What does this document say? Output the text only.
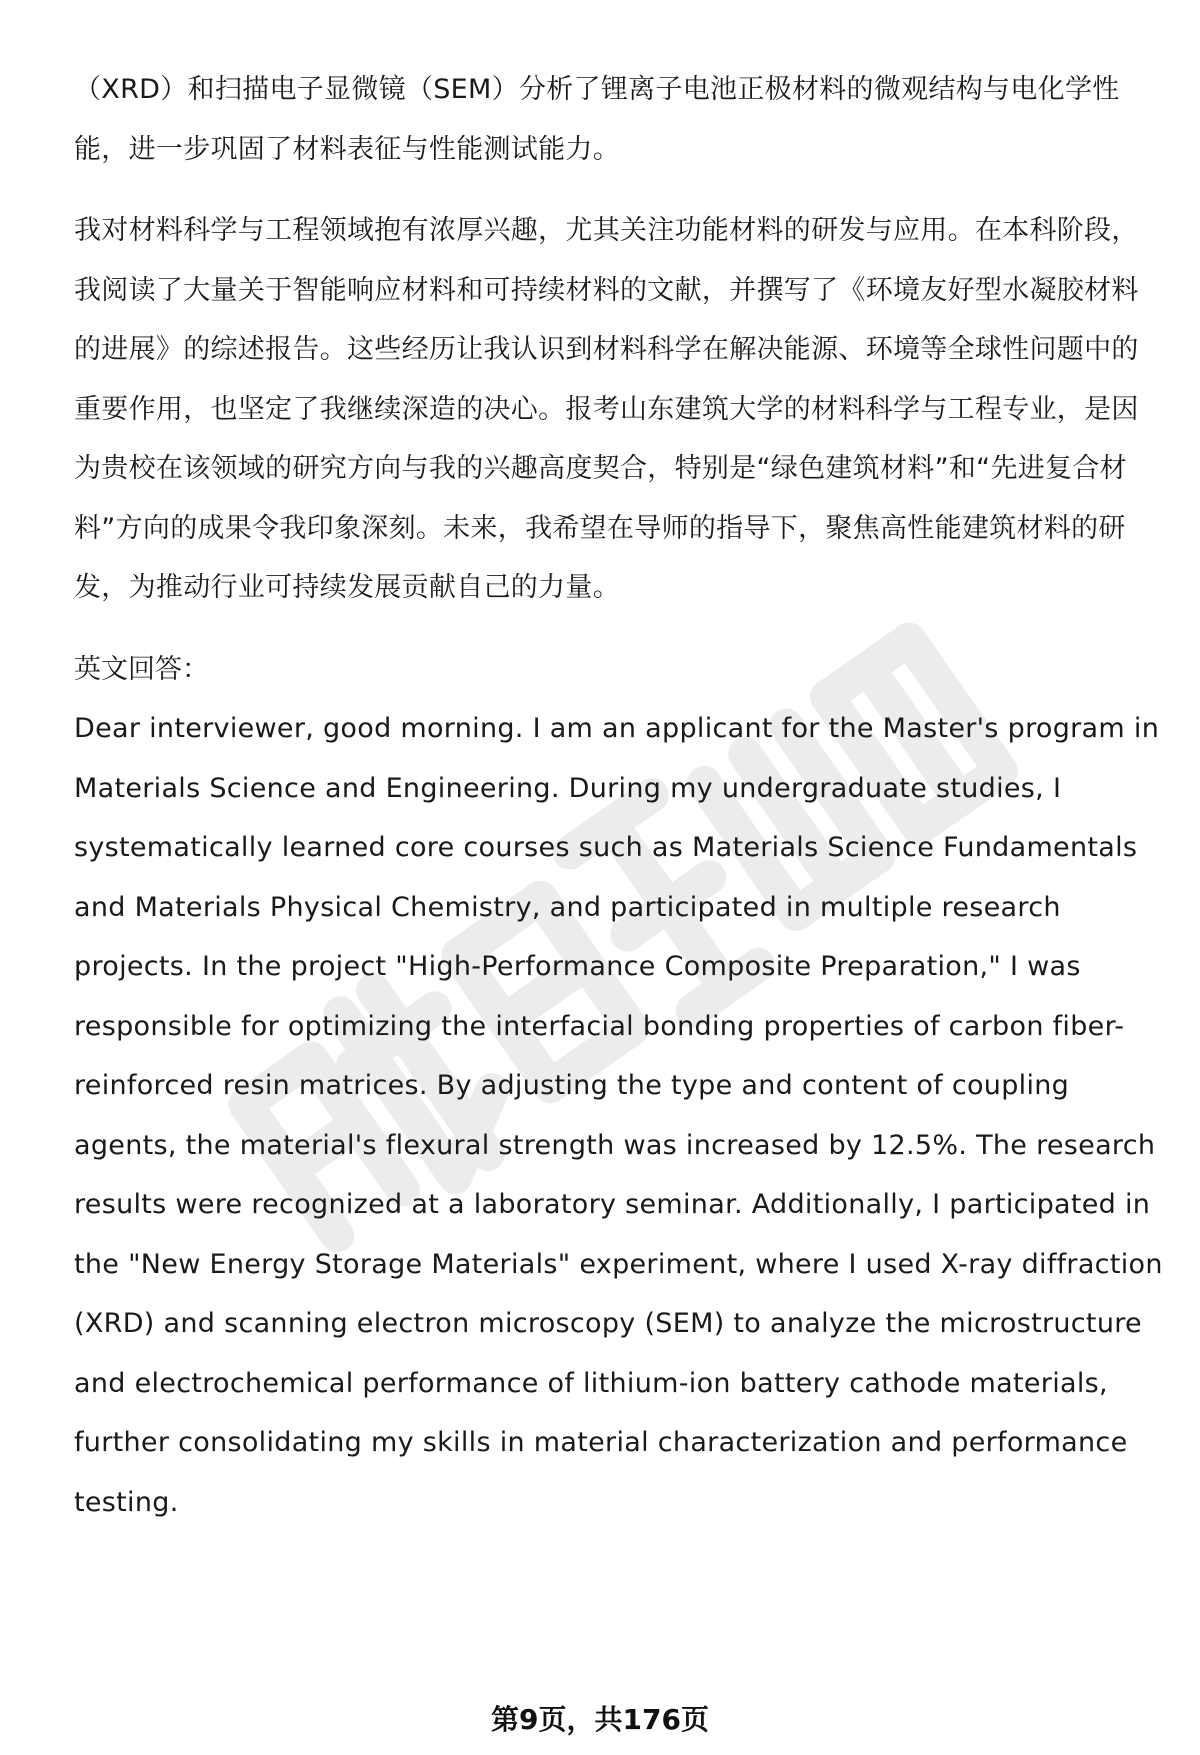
（XRD）和扫描电子显微镜（SEM）分析了锂离子电池正极材料的微观结构与电化学性能，进一步巩固了材料表征与性能测试能力。

我对材料科学与工程领域抱有浓厚兴趣，尤其关注功能材料的研发与应用。在本科阶段，我阅读了大量关于智能响应材料和可持续材料的文献，并撰写了《环境友好型水凝胶材料的进展》的综述报告。这些经历让我认识到材料科学在解决能源、环境等全球性问题中的重要作用，也坚定了我继续深造的决心。报考山东建筑大学的材料科学与工程专业，是因为贵校在该领域的研究方向与我的兴趣高度契合，特别是“绿色建筑材料”和“先进复合材料”方向的成果令我印象深刻。未来，我希望在导师的指导下，聚焦高性能建筑材料的研发，为推动行业可持续发展贡献自己的力量。

英文回答：

Dear interviewer, good morning. I am an applicant for the Master's program in Materials Science and Engineering. During my undergraduate studies, I systematically learned core courses such as Materials Science Fundamentals and Materials Physical Chemistry, and participated in multiple research projects. In the project "High-Performance Composite Preparation," I was responsible for optimizing the interfacial bonding properties of carbon fiber-reinforced resin matrices. By adjusting the type and content of coupling agents, the material's flexural strength was increased by 12.5%. The research results were recognized at a laboratory seminar. Additionally, I participated in the "New Energy Storage Materials" experiment, where I used X-ray diffraction (XRD) and scanning electron microscopy (SEM) to analyze the microstructure and electrochemical performance of lithium-ion battery cathode materials, further consolidating my skills in material characterization and performance testing.

第9页，共176页
